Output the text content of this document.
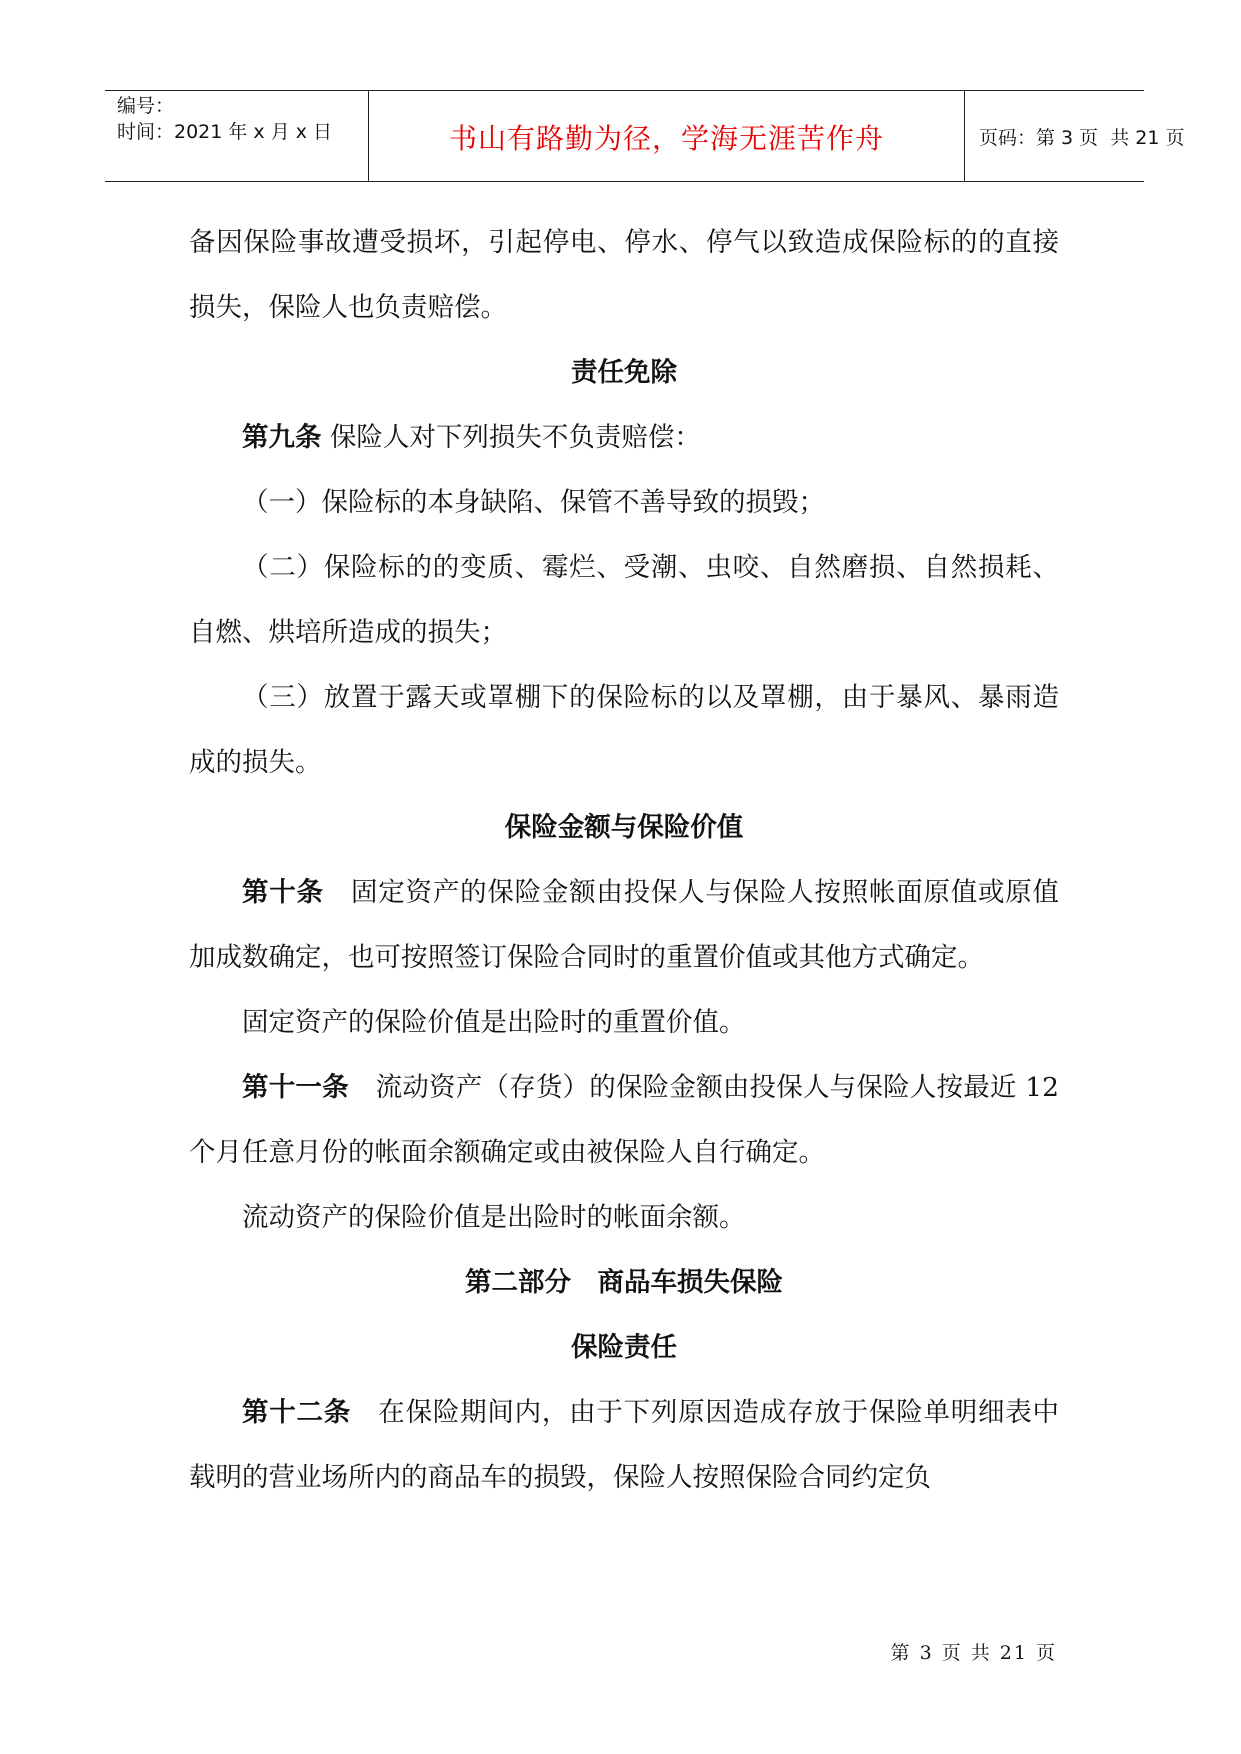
编号：
时间：2021 年 x 月 x 日	书山有路勤为径，学海无涯苦作舟	页码：第 3 页  共 21 页

备因保险事故遭受损坏，引起停电、停水、停气以致造成保险标的的直接损失，保险人也负责赔偿。

责任免除

第九条 保险人对下列损失不负责赔偿：

（一）保险标的本身缺陷、保管不善导致的损毁；

（二）保险标的的变质、霉烂、受潮、虫咬、自然磨损、自然损耗、自燃、烘培所造成的损失；

（三）放置于露天或罩棚下的保险标的以及罩棚，由于暴风、暴雨造成的损失。

保险金额与保险价值

第十条　固定资产的保险金额由投保人与保险人按照帐面原值或原值加成数确定，也可按照签订保险合同时的重置价值或其他方式确定。

固定资产的保险价值是出险时的重置价值。

第十一条　流动资产（存货）的保险金额由投保人与保险人按最近 12 个月任意月份的帐面余额确定或由被保险人自行确定。

流动资产的保险价值是出险时的帐面余额。

第二部分　商品车损失保险

保险责任

第十二条　在保险期间内，由于下列原因造成存放于保险单明细表中载明的营业场所内的商品车的损毁，保险人按照保险合同约定负

第 3 页 共 21 页
